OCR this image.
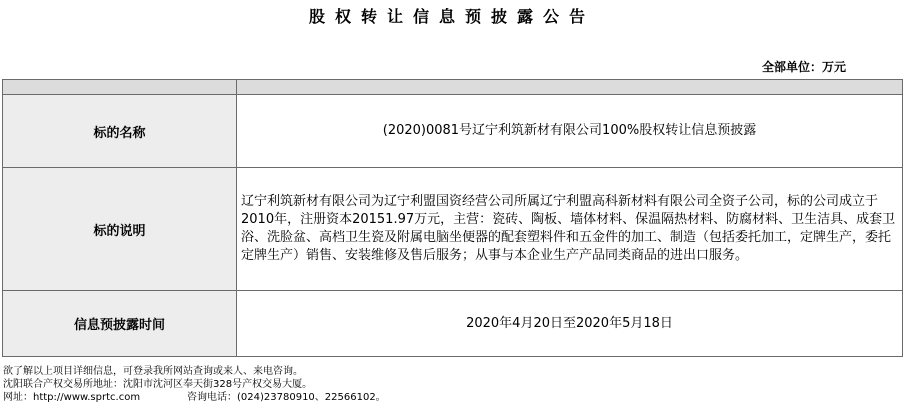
股权转让信息预披露公告
全部单位：万元

标的名称	(2020)0081号辽宁利筑新材有限公司100%股权转让信息预披露
标的说明	辽宁利筑新材有限公司为辽宁利盟国资经营公司所属辽宁利盟高科新材料有限公司全资子公司，标的公司成立于2010年，注册资本20151.97万元，主营：瓷砖、陶板、墙体材料、保温隔热材料、防腐材料、卫生洁具、成套卫浴、洗脸盆、高档卫生瓷及附属电脑坐便器的配套塑料件和五金件的加工、制造（包括委托加工，定牌生产，委托定牌生产）销售、安装维修及售后服务；从事与本企业生产产品同类商品的进出口服务。
信息预披露时间	2020年4月20日至2020年5月18日
欲了解以上项目详细信息，可登录我所网站查询或来人、来电咨询。
沈阳联合产权交易所地址：沈阳市沈河区奉天街328号产权交易大厦。
网址：http://www.sprtc.com	咨询电话：(024)23780910、22566102。
